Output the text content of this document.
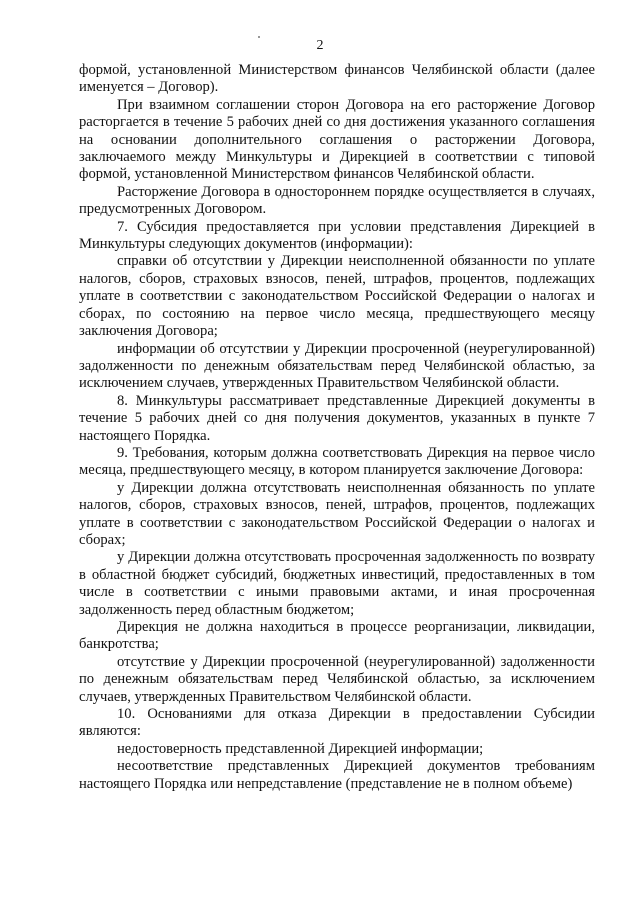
2

формой, установленной Министерством финансов Челябинской области (далее именуется – Договор).

При взаимном соглашении сторон Договора на его расторжение Договор расторгается в течение 5 рабочих дней со дня достижения указанного соглашения на основании дополнительного соглашения о расторжении Договора, заключаемого между Минкультуры и Дирекцией в соответствии с типовой формой, установленной Министерством финансов Челябинской области.

Расторжение Договора в одностороннем порядке осуществляется в случаях, предусмотренных Договором.

7. Субсидия предоставляется при условии представления Дирекцией в Минкультуры следующих документов (информации):

справки об отсутствии у Дирекции неисполненной обязанности по уплате налогов, сборов, страховых взносов, пеней, штрафов, процентов, подлежащих уплате в соответствии с законодательством Российской Федерации о налогах и сборах, по состоянию на первое число месяца, предшествующего месяцу заключения Договора;

информации об отсутствии у Дирекции просроченной (неурегулированной) задолженности по денежным обязательствам перед Челябинской областью, за исключением случаев, утвержденных Правительством Челябинской области.

8. Минкультуры рассматривает представленные Дирекцией документы в течение 5 рабочих дней со дня получения документов, указанных в пункте 7 настоящего Порядка.

9. Требования, которым должна соответствовать Дирекция на первое число месяца, предшествующего месяцу, в котором планируется заключение Договора:

у Дирекции должна отсутствовать неисполненная обязанность по уплате налогов, сборов, страховых взносов, пеней, штрафов, процентов, подлежащих уплате в соответствии с законодательством Российской Федерации о налогах и сборах;

у Дирекции должна отсутствовать просроченная задолженность по возврату в областной бюджет субсидий, бюджетных инвестиций, предоставленных в том числе в соответствии с иными правовыми актами, и иная просроченная задолженность перед областным бюджетом;

Дирекция не должна находиться в процессе реорганизации, ликвидации, банкротства;

отсутствие у Дирекции просроченной (неурегулированной) задолженности по денежным обязательствам перед Челябинской областью, за исключением случаев, утвержденных Правительством Челябинской области.

10. Основаниями для отказа Дирекции в предоставлении Субсидии являются:

недостоверность представленной Дирекцией информации;

несоответствие представленных Дирекцией документов требованиям настоящего Порядка или непредставление (представление не в полном объеме)
